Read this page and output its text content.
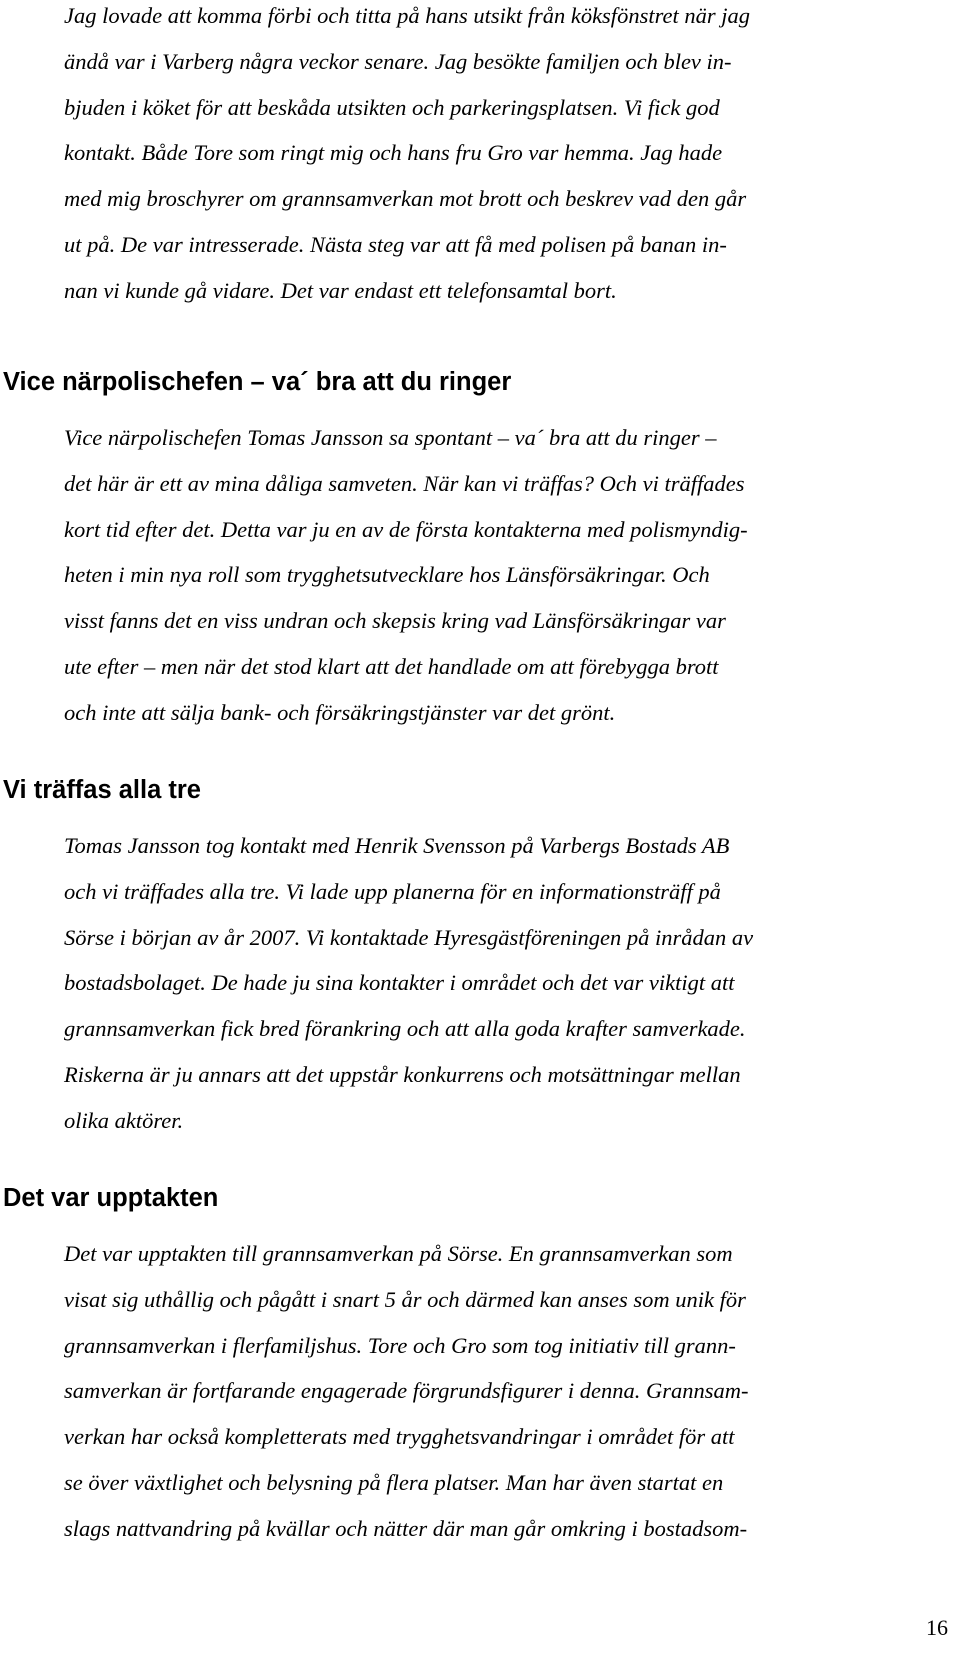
Jag lovade att komma förbi och titta på hans utsikt från köksfönstret när jag
ändå var i Varberg några veckor senare. Jag besökte familjen och blev in-
bjuden i köket för att beskåda utsikten och parkeringsplatsen. Vi fick god
kontakt. Både Tore som ringt mig och hans fru Gro var hemma. Jag hade
med mig broschyrer om grannsamverkan mot brott och beskrev vad den går
ut på. De var intresserade. Nästa steg var att få med polisen på banan in-
nan vi kunde gå vidare. Det var endast ett telefonsamtal bort.
Vice närpolischefen – va´ bra att du ringer
Vice närpolischefen Tomas Jansson sa spontant – va´ bra att du ringer –
det här är ett av mina dåliga samveten. När kan vi träffas? Och vi träffades
kort tid efter det. Detta var ju en av de första kontakterna med polismyndig-
heten i min nya roll som trygghetsutvecklare hos Länsförsäkringar. Och
visst fanns det en viss undran och skepsis kring vad Länsförsäkringar var
ute efter – men när det stod klart att det handlade om att förebygga brott
och inte att sälja bank- och försäkringstjänster var det grönt.
Vi träffas alla tre
Tomas Jansson tog kontakt med Henrik Svensson på Varbergs Bostads AB
och vi träffades alla tre. Vi lade upp planerna för en informationsträff på
Sörse i början av år 2007. Vi kontaktade Hyresgästföreningen på inrådan av
bostadsbolaget. De hade ju sina kontakter i området och det var viktigt att
grannsamverkan fick bred förankring och att alla goda krafter samverkade.
Riskerna är ju annars att det uppstår konkurrens och motsättningar mellan
olika aktörer.
Det var upptakten
Det var upptakten till grannsamverkan på Sörse. En grannsamverkan som
visat sig uthållig och pågått i snart 5 år och därmed kan anses som unik för
grannsamverkan i flerfamiljshus. Tore och Gro som tog initiativ till grann-
samverkan är fortfarande engagerade förgrundsfigurer i denna. Grannsam-
verkan har också kompletterats med trygghetsvandringar i området för att
se över växtlighet och belysning på flera platser. Man har även startat en
slags nattvandring på kvällar och nätter där man går omkring i bostadsom-
16
